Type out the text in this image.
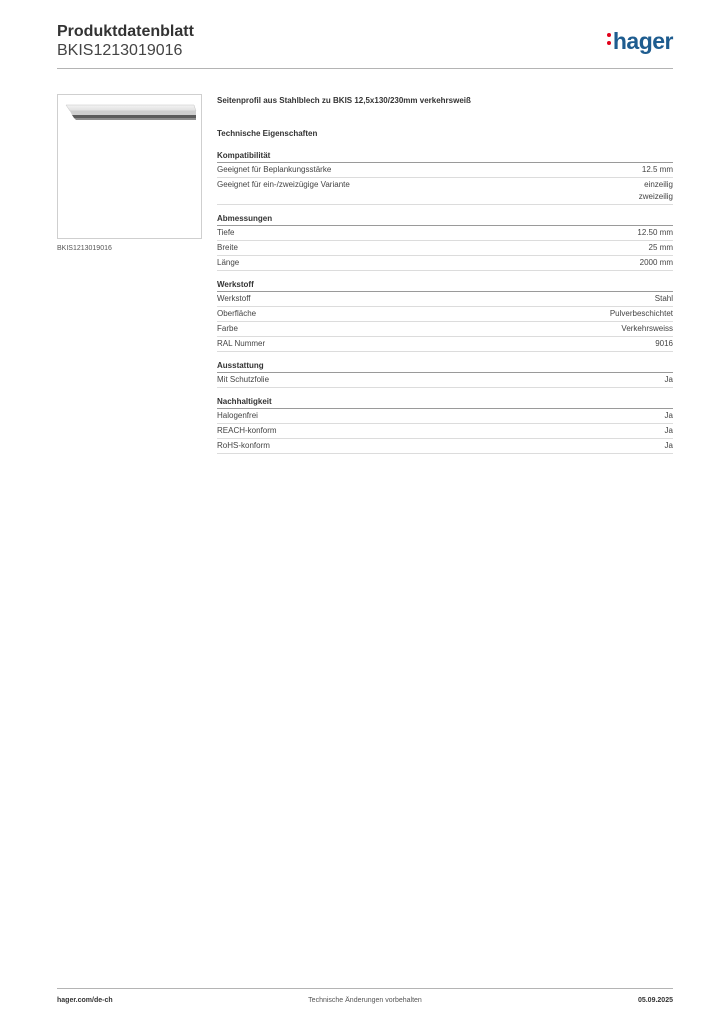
Produktdatenblatt
BKIS1213019016	hager
BKIS1213019016
Seitenprofil aus Stahlblech zu BKIS 12,5x130/230mm verkehrsweiß
Technische Eigenschaften
Kompatibilität
Geeignet für Beplankungsstärke	12.5 mm
Geeignet für ein-/zweizügige Variante	einzeilig
zweizeilig
Abmessungen
Tiefe	12.50 mm
Breite	25 mm
Länge	2000 mm
Werkstoff
Werkstoff	Stahl
Oberfläche	Pulverbeschichtet
Farbe	Verkehrsweiss
RAL Nummer	9016
Ausstattung
Mit Schutzfolie	Ja
Nachhaltigkeit
Halogenfrei	Ja
REACH-konform	Ja
RoHS-konform	Ja
hager.com/de-ch	Technische Änderungen vorbehalten	05.09.2025
